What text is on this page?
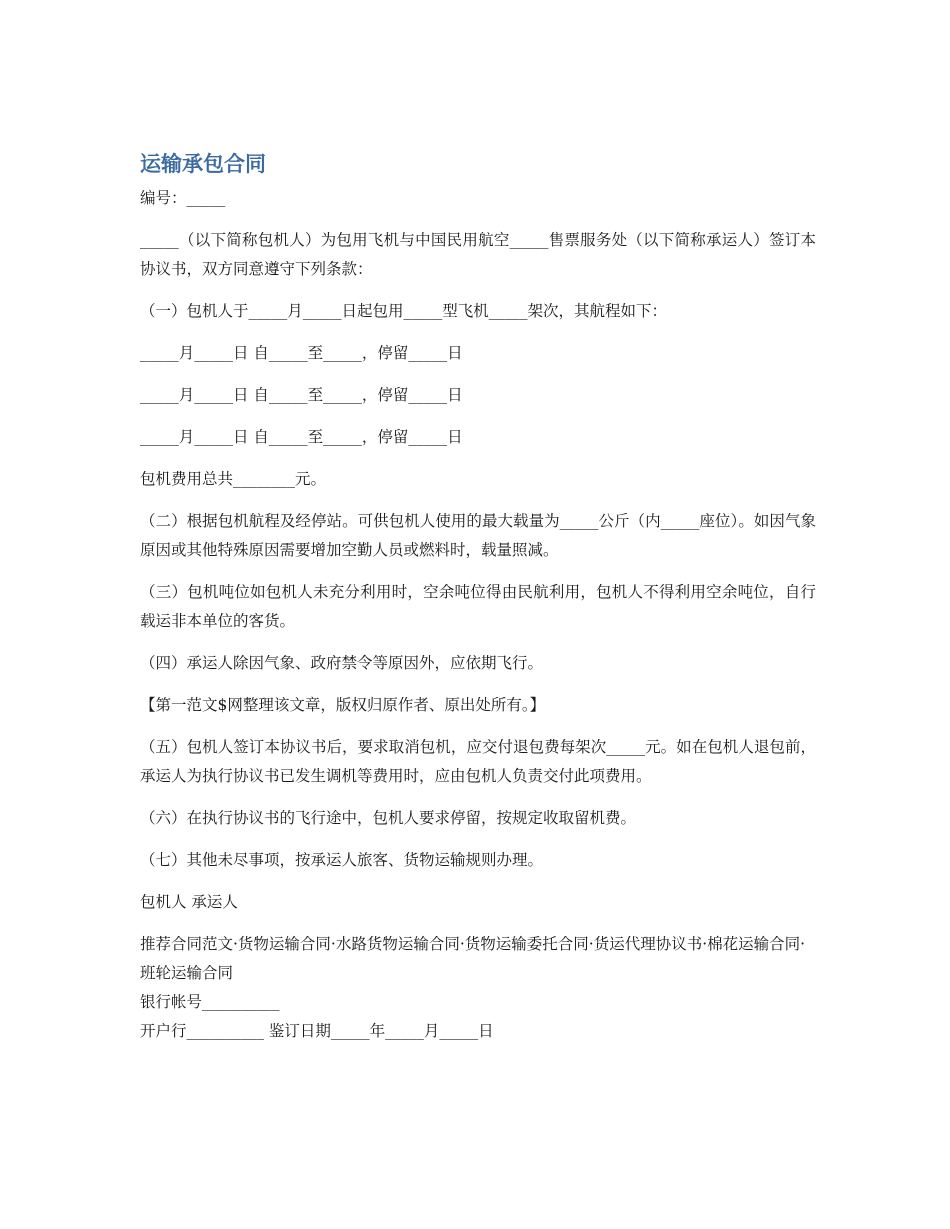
运输承包合同

编号：_____

_____（以下简称包机人）为包用飞机与中国民用航空_____售票服务处（以下简称承运人）签订本协议书，双方同意遵守下列条款：

（一）包机人于_____月_____日起包用_____型飞机_____架次，其航程如下：

_____月_____日 自_____至_____，停留_____日

_____月_____日 自_____至_____，停留_____日

_____月_____日 自_____至_____，停留_____日

包机费用总共________元。

（二）根据包机航程及经停站。可供包机人使用的最大载量为_____公斤（内_____座位）。如因气象原因或其他特殊原因需要增加空勤人员或燃料时，载量照减。

（三）包机吨位如包机人未充分利用时，空余吨位得由民航利用，包机人不得利用空余吨位，自行载运非本单位的客货。

（四）承运人除因气象、政府禁令等原因外，应依期飞行。

【第一范文$网整理该文章，版权归原作者、原出处所有。】

（五）包机人签订本协议书后，要求取消包机，应交付退包费每架次_____元。如在包机人退包前，承运人为执行协议书已发生调机等费用时，应由包机人负责交付此项费用。

（六）在执行协议书的飞行途中，包机人要求停留，按规定收取留机费。

（七）其他未尽事项，按承运人旅客、货物运输规则办理。

包机人 承运人

推荐合同范文·货物运输合同·水路货物运输合同·货物运输委托合同·货运代理协议书·棉花运输合同·班轮运输合同

银行帐号__________

开户行__________ 鉴订日期_____年_____月_____日
